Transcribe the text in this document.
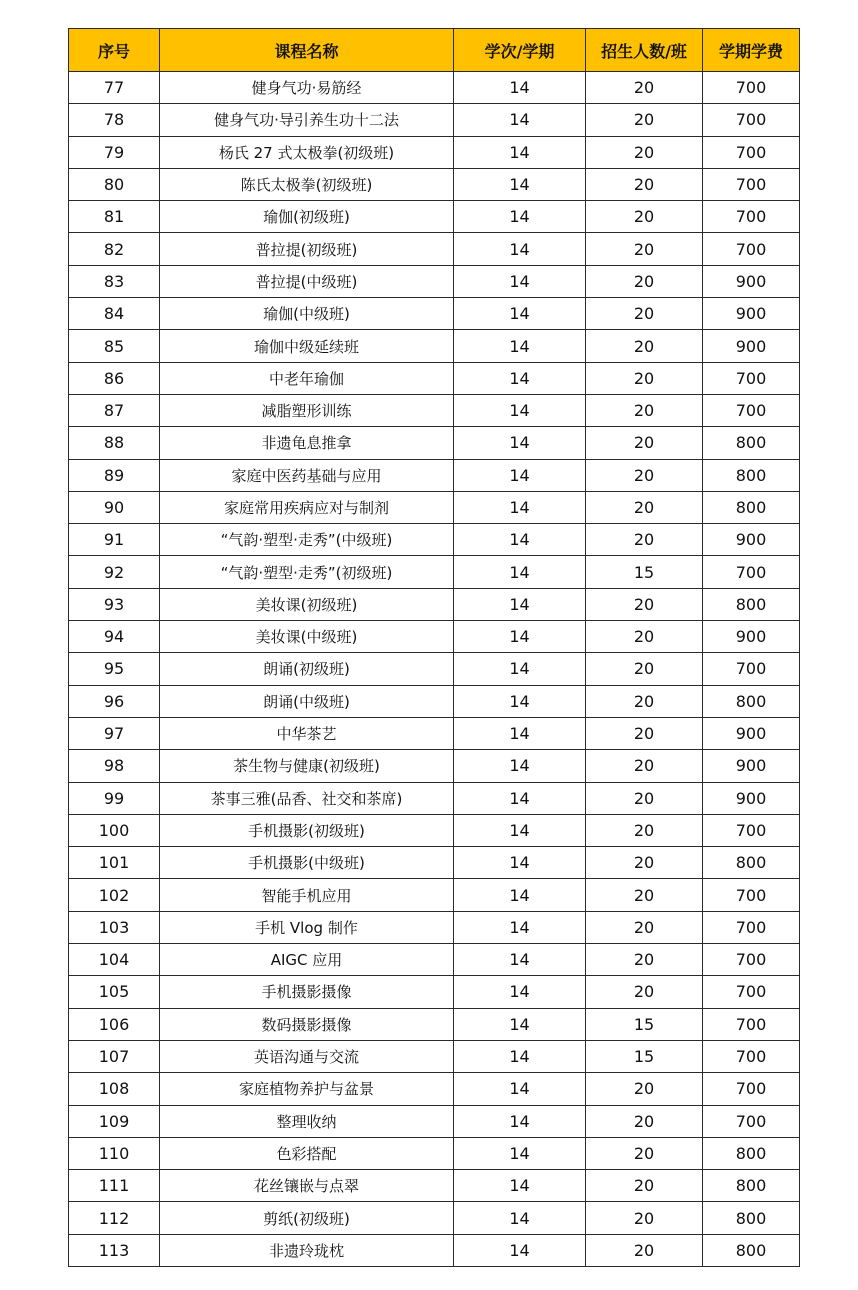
序号	课程名称	学次/学期	招生人数/班	学期学费
77	健身气功·易筋经	14	20	700
78	健身气功·导引养生功十二法	14	20	700
79	杨氏 27 式太极拳(初级班)	14	20	700
80	陈氏太极拳(初级班)	14	20	700
81	瑜伽(初级班)	14	20	700
82	普拉提(初级班)	14	20	700
83	普拉提(中级班)	14	20	900
84	瑜伽(中级班)	14	20	900
85	瑜伽中级延续班	14	20	900
86	中老年瑜伽	14	20	700
87	减脂塑形训练	14	20	700
88	非遗龟息推拿	14	20	800
89	家庭中医药基础与应用	14	20	800
90	家庭常用疾病应对与制剂	14	20	800
91	“气韵·塑型·走秀”(中级班)	14	20	900
92	“气韵·塑型·走秀”(初级班)	14	15	700
93	美妆课(初级班)	14	20	800
94	美妆课(中级班)	14	20	900
95	朗诵(初级班)	14	20	700
96	朗诵(中级班)	14	20	800
97	中华茶艺	14	20	900
98	茶生物与健康(初级班)	14	20	900
99	茶事三雅(品香、社交和茶席)	14	20	900
100	手机摄影(初级班)	14	20	700
101	手机摄影(中级班)	14	20	800
102	智能手机应用	14	20	700
103	手机 Vlog 制作	14	20	700
104	AIGC 应用	14	20	700
105	手机摄影摄像	14	20	700
106	数码摄影摄像	14	15	700
107	英语沟通与交流	14	15	700
108	家庭植物养护与盆景	14	20	700
109	整理收纳	14	20	700
110	色彩搭配	14	20	800
111	花丝镶嵌与点翠	14	20	800
112	剪纸(初级班)	14	20	800
113	非遗玲珑枕	14	20	800
